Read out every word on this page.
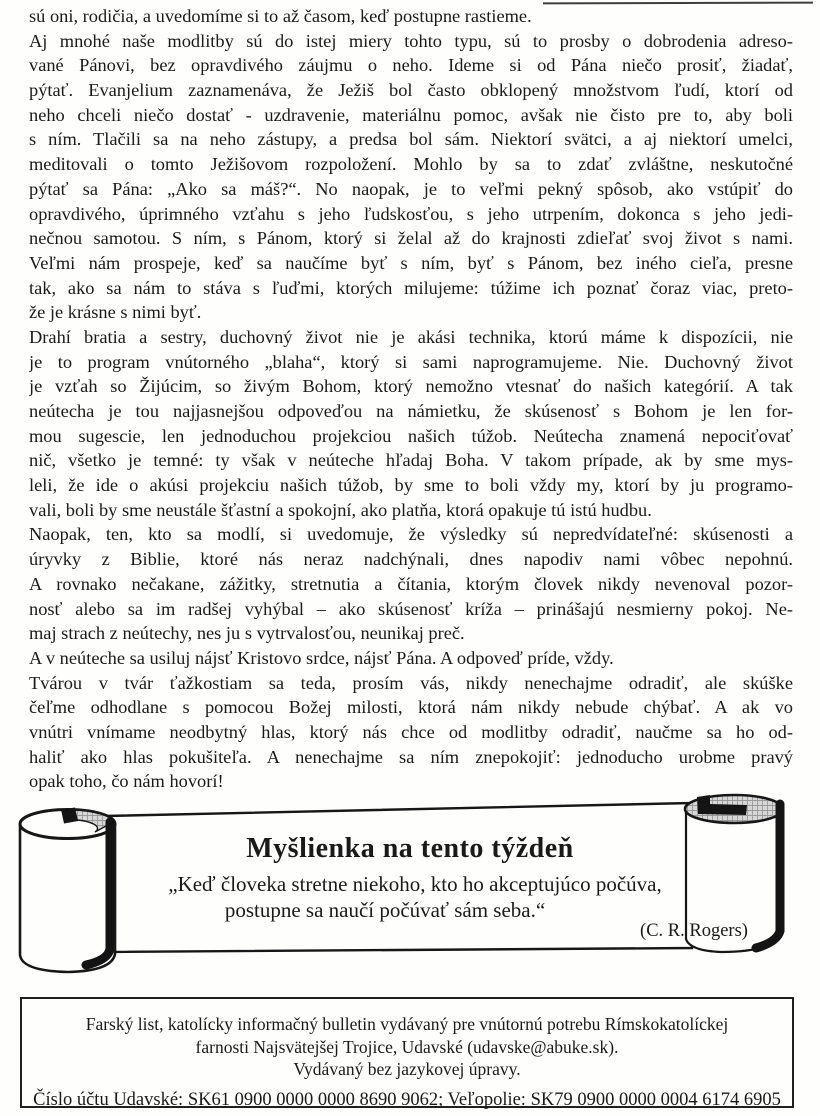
sú oni, rodičia, a uvedomíme si to až časom, keď postupne rastieme.
Aj mnohé naše modlitby sú do istej miery tohto typu, sú to prosby o dobrodenia adreso-
vané Pánovi, bez opravdivého záujmu o neho. Ideme si od Pána niečo prosiť, žiadať,
pýtať. Evanjelium zaznamenáva, že Ježiš bol často obklopený množstvom ľudí, ktorí od
neho chceli niečo dostať - uzdravenie, materiálnu pomoc, avšak nie čisto pre to, aby boli
s ním. Tlačili sa na neho zástupy, a predsa bol sám. Niektorí svätci, a aj niektorí umelci,
meditovali o tomto Ježišovom rozpoložení. Mohlo by sa to zdať zvláštne, neskutočné
pýtať sa Pána: „Ako sa máš?“. No naopak, je to veľmi pekný spôsob, ako vstúpiť do
opravdivého, úprimného vzťahu s jeho ľudskosťou, s jeho utrpením, dokonca s jeho jedi-
nečnou samotou. S ním, s Pánom, ktorý si želal až do krajnosti zdieľať svoj život s nami.
Veľmi nám prospeje, keď sa naučíme byť s ním, byť s Pánom, bez iného cieľa, presne
tak, ako sa nám to stáva s ľuďmi, ktorých milujeme: túžime ich poznať čoraz viac, preto-
že je krásne s nimi byť.
Drahí bratia a sestry, duchovný život nie je akási technika, ktorú máme k dispozícii, nie
je to program vnútorného „blaha“, ktorý si sami naprogramujeme. Nie. Duchovný život
je vzťah so Žijúcim, so živým Bohom, ktorý nemožno vtesnať do našich kategórií. A tak
neútecha je tou najjasnejšou odpoveďou na námietku, že skúsenosť s Bohom je len for-
mou sugescie, len jednoduchou projekciou našich túžob. Neútecha znamená nepociťovať
nič, všetko je temné: ty však v neúteche hľadaj Boha. V takom prípade, ak by sme mys-
leli, že ide o akúsi projekciu našich túžob, by sme to boli vždy my, ktorí by ju programo-
vali, boli by sme neustále šťastní a spokojní, ako platňa, ktorá opakuje tú istú hudbu.
Naopak, ten, kto sa modlí, si uvedomuje, že výsledky sú nepredvídateľné: skúsenosti a
úryvky z Biblie, ktoré nás neraz nadchýnali, dnes napodiv nami vôbec nepohnú.
A rovnako nečakane, zážitky, stretnutia a čítania, ktorým človek nikdy nevenoval pozor-
nosť alebo sa im radšej vyhýbal – ako skúsenosť kríža – prinášajú nesmierny pokoj. Ne-
maj strach z neútechy, nes ju s vytrvalosťou, neunikaj preč.
A v neúteche sa usiluj nájsť Kristovo srdce, nájsť Pána. A odpoveď príde, vždy.
Tvárou v tvár ťažkostiam sa teda, prosím vás, nikdy nenechajme odradiť, ale skúške
čeľme odhodlane s pomocou Božej milosti, ktorá nám nikdy nebude chýbať. A ak vo
vnútri vnímame neodbytný hlas, ktorý nás chce od modlitby odradiť, naučme sa ho od-
haliť ako hlas pokušiteľa. A nenechajme sa ním znepokojiť: jednoducho urobme pravý
opak toho, čo nám hovorí!
Myšlienka na tento týždeň
„Keď človeka stretne niekoho, kto ho akceptujúco počúva,
postupne sa naučí počúvať sám seba.“
(C. R. Rogers)
Farský list, katolícky informačný bulletin vydávaný pre vnútornú potrebu Rímskokatolíckej
farnosti Najsvätejšej Trojice, Udavské (udavske@abuke.sk).
Vydávaný bez jazykovej úpravy.
Číslo účtu Udavské: SK61 0900 0000 0000 8690 9062; Veľopolie: SK79 0900 0000 0004 6174 6905
